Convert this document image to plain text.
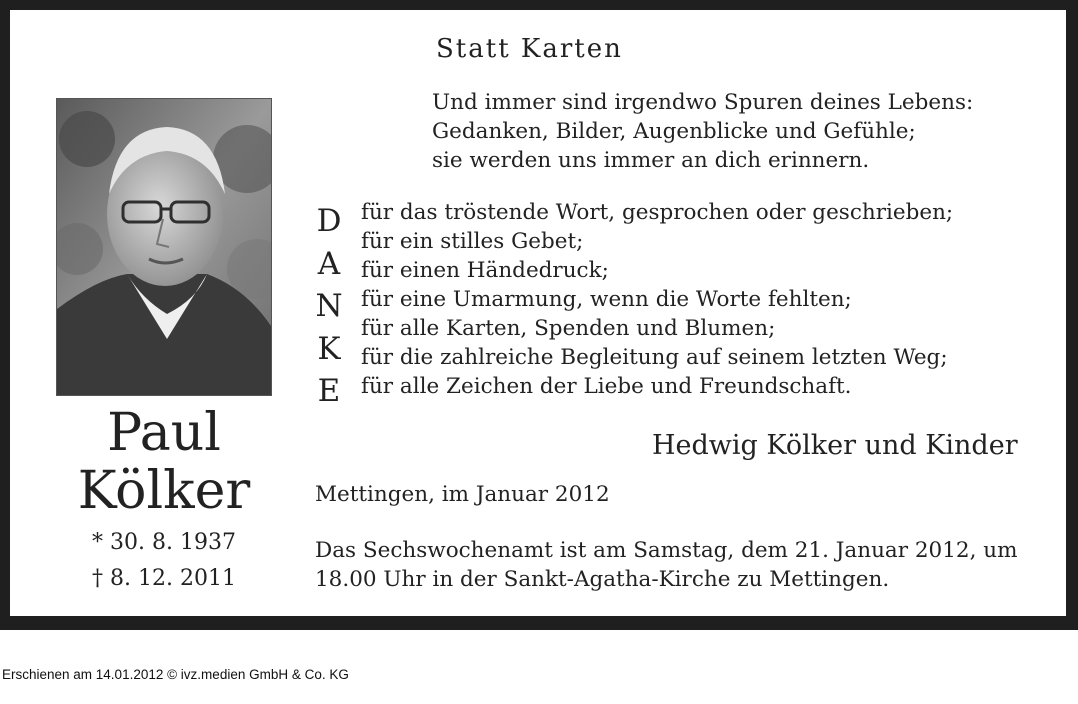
Statt Karten
Und immer sind irgendwo Spuren deines Lebens:
Gedanken, Bilder, Augenblicke und Gefühle;
sie werden uns immer an dich erinnern.
Paul
Kölker
* 30. 8. 1937
† 8. 12. 2011
D
A
N
K
E
für das tröstende Wort, gesprochen oder geschrieben;
für ein stilles Gebet;
für einen Händedruck;
für eine Umarmung, wenn die Worte fehlten;
für alle Karten, Spenden und Blumen;
für die zahlreiche Begleitung auf seinem letzten Weg;
für alle Zeichen der Liebe und Freundschaft.
Hedwig Kölker und Kinder
Mettingen, im Januar 2012
Das Sechswochenamt ist am Samstag, dem 21. Januar 2012, um
18.00 Uhr in der Sankt-Agatha-Kirche zu Mettingen.
Erschienen am 14.01.2012 © ivz.medien GmbH & Co. KG
